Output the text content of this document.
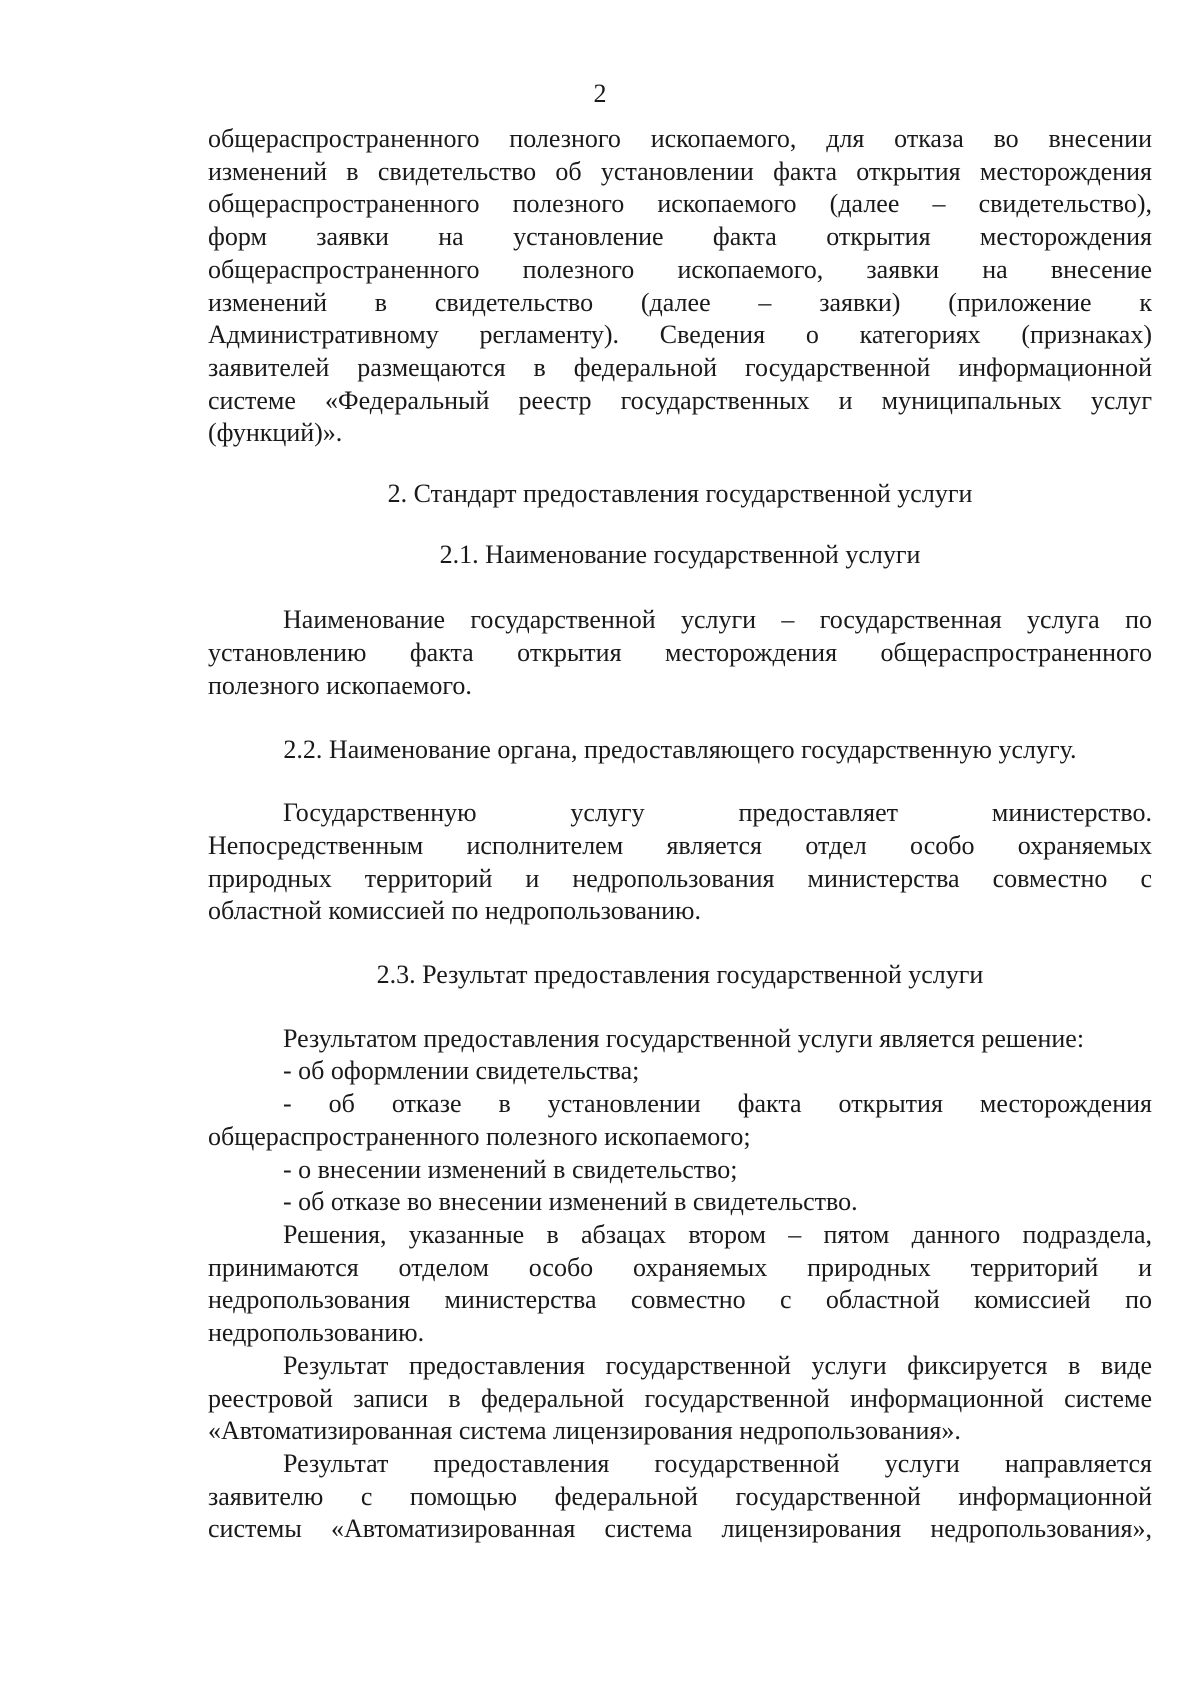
2
общераспространенного полезного ископаемого, для отказа во внесении
изменений в свидетельство об установлении факта открытия месторождения
общераспространенного полезного ископаемого (далее – свидетельство),
форм заявки на установление факта открытия месторождения
общераспространенного полезного ископаемого, заявки на внесение
изменений в свидетельство (далее – заявки) (приложение к
Административному регламенту). Сведения о категориях (признаках)
заявителей размещаются в федеральной государственной информационной
системе «Федеральный реестр государственных и муниципальных услуг
(функций)».
2. Стандарт предоставления государственной услуги
2.1. Наименование государственной услуги
Наименование государственной услуги – государственная услуга по
установлению факта открытия месторождения общераспространенного
полезного ископаемого.
2.2. Наименование органа, предоставляющего государственную услугу.
Государственную услугу предоставляет министерство.
Непосредственным исполнителем является отдел особо охраняемых
природных территорий и недропользования министерства совместно с
областной комиссией по недропользованию.
2.3. Результат предоставления государственной услуги
Результатом предоставления государственной услуги является решение:
- об оформлении свидетельства;
- об отказе в установлении факта открытия месторождения
общераспространенного полезного ископаемого;
- о внесении изменений в свидетельство;
- об отказе во внесении изменений в свидетельство.
Решения, указанные в абзацах втором – пятом данного подраздела,
принимаются отделом особо охраняемых природных территорий и
недропользования министерства совместно с областной комиссией по
недропользованию.
Результат предоставления государственной услуги фиксируется в виде
реестровой записи в федеральной государственной информационной системе
«Автоматизированная система лицензирования недропользования».
Результат предоставления государственной услуги направляется
заявителю с помощью федеральной государственной информационной
системы «Автоматизированная система лицензирования недропользования»,
